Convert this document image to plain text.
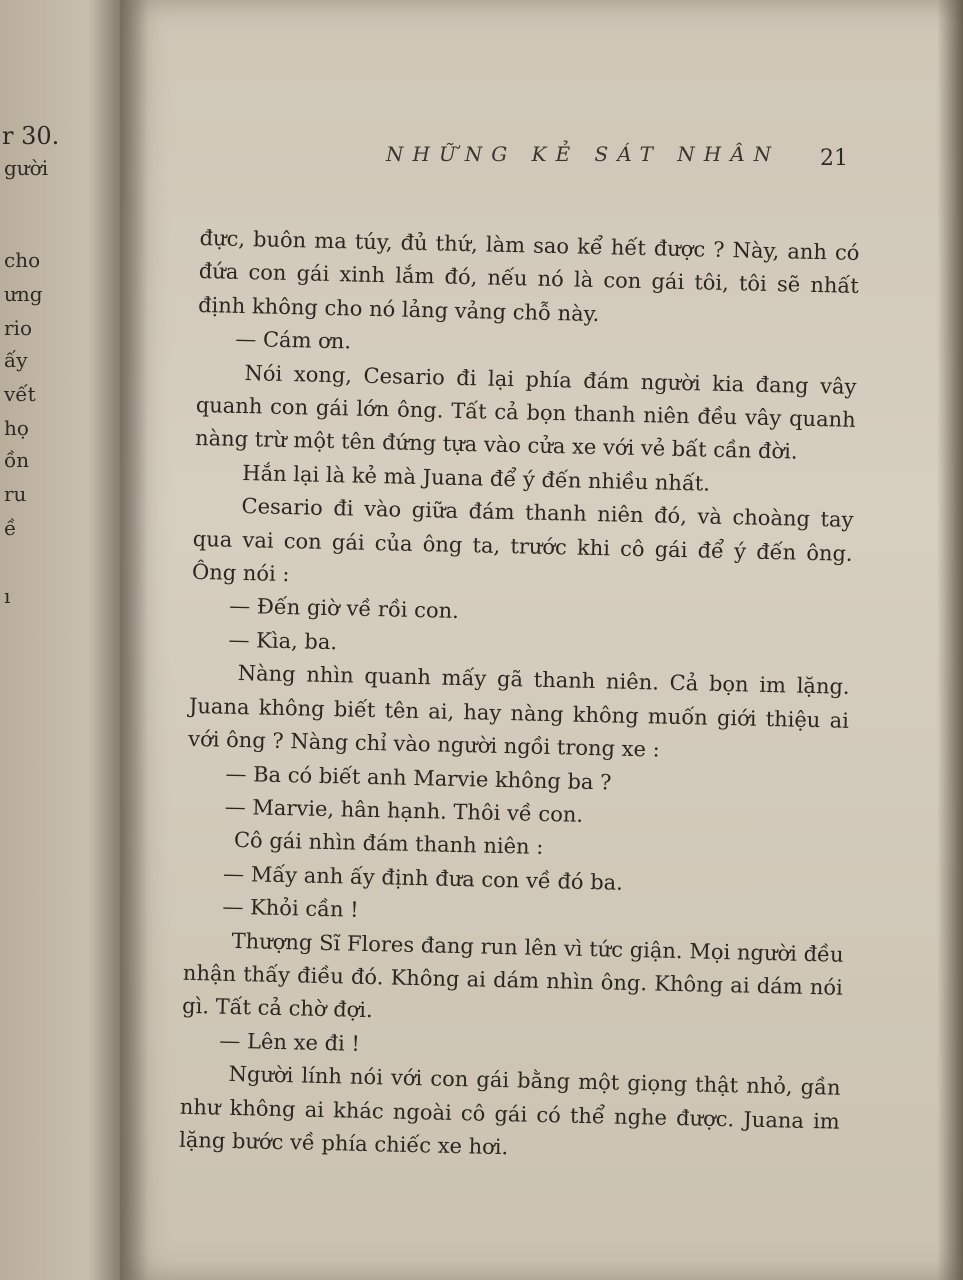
r 30.
gười
cho
ưng
rio
ấy
vết
họ
ồn
ru
ề
ı
NHỮNG KẺ SÁT NHÂN 21

đực, buôn ma túy, đủ thứ, làm sao kể hết được ? Này, anh có đứa con gái xinh lắm đó, nếu nó là con gái tôi, tôi sẽ nhất định không cho nó lảng vảng chỗ này.

— Cám ơn.

Nói xong, Cesario đi lại phía đám người kia đang vây quanh con gái lớn ông. Tất cả bọn thanh niên đều vây quanh nàng trừ một tên đứng tựa vào cửa xe với vẻ bất cần đời.

Hắn lại là kẻ mà Juana để ý đến nhiều nhất.

Cesario đi vào giữa đám thanh niên đó, và choàng tay qua vai con gái của ông ta, trước khi cô gái để ý đến ông. Ông nói :

— Đến giờ về rồi con.

— Kìa, ba.

Nàng nhìn quanh mấy gã thanh niên. Cả bọn im lặng. Juana không biết tên ai, hay nàng không muốn giới thiệu ai với ông ? Nàng chỉ vào người ngồi trong xe :

— Ba có biết anh Marvie không ba ?

— Marvie, hân hạnh. Thôi về con.

Cô gái nhìn đám thanh niên :

— Mấy anh ấy định đưa con về đó ba.

— Khỏi cần !

Thượng Sĩ Flores đang run lên vì tức giận. Mọi người đều nhận thấy điều đó. Không ai dám nhìn ông. Không ai dám nói gì. Tất cả chờ đợi.

— Lên xe đi !

Người lính nói với con gái bằng một giọng thật nhỏ, gần như không ai khác ngoài cô gái có thể nghe được. Juana im lặng bước về phía chiếc xe hơi.
